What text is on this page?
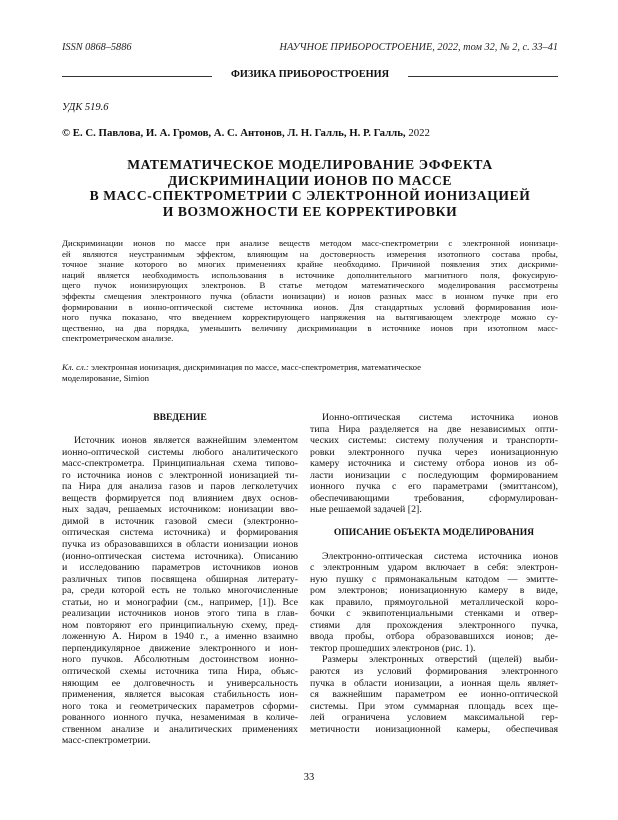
ISSN 0868–5886	НАУЧНОЕ ПРИБОРОСТРОЕНИЕ, 2022, том 32, № 2, с. 33–41
ФИЗИКА ПРИБОРОСТРОЕНИЯ
УДК 519.6
© Е. С. Павлова, И. А. Громов, А. С. Антонов, Л. Н. Галль, Н. Р. Галль, 2022
МАТЕМАТИЧЕСКОЕ МОДЕЛИРОВАНИЕ ЭФФЕКТА
ДИСКРИМИНАЦИИ ИОНОВ ПО МАССЕ
В МАСС-СПЕКТРОМЕТРИИ С ЭЛЕКТРОННОЙ ИОНИЗАЦИЕЙ
И ВОЗМОЖНОСТИ ЕЕ КОРРЕКТИРОВКИ
Дискриминации ионов по массе при анализе веществ методом масс-спектрометрии с электронной ионизаци-
ей являются неустранимым эффектом, влияющим на достоверность измерения изотопного состава пробы,
точное знание которого во многих применениях крайне необходимо. Причиной появления этих дискрими-
наций является необходимость использования в источнике дополнительного магнитного поля, фокусирую-
щего пучок ионизирующих электронов. В статье методом математического моделирования рассмотрены
эффекты смещения электронного пучка (области ионизации) и ионов разных масс в ионном пучке при его
формировании в ионно-оптической системе источника ионов. Для стандартных условий формирования ион-
ного пучка показано, что введением корректирующего напряжения на вытягивающем электроде можно су-
щественно, на два порядка, уменьшить величину дискриминации в источнике ионов при изотопном масс-
спектрометрическом анализе.
Кл. сл.: электронная ионизация, дискриминация по массе, масс-спектрометрия, математическое
моделирование, Simion
ВВЕДЕНИЕ
Источник ионов является важнейшим элементом
ионно-оптической системы любого аналитического
масс-спектрометра. Принципиальная схема типово-
го источника ионов с электронной ионизацией ти-
па Нира для анализа газов и паров легколетучих
веществ формируется под влиянием двух основ-
ных задач, решаемых источником: ионизации вво-
димой в источник газовой смеси (электронно-
оптическая система источника) и формирования
пучка из образовавшихся в области ионизации ионов
(ионно-оптическая система источника). Описанию
и исследованию параметров источников ионов
различных типов посвящена обширная литерату-
ра, среди которой есть не только многочисленные
статьи, но и монографии (см., например, [1]). Все
реализации источников ионов этого типа в глав-
ном повторяют его принципиальную схему, пред-
ложенную А. Ниром в 1940 г., а именно взаимно
перпендикулярное движение электронного и ион-
ного пучков. Абсолютным достоинством ионно-
оптической схемы источника типа Нира, объяс-
няющим ее долговечность и универсальность
применения, является высокая стабильность ион-
ного тока и геометрических параметров сформи-
рованного ионного пучка, незаменимая в количе-
ственном анализе и аналитических применениях
масс-спектрометрии.
Ионно-оптическая система источника ионов
типа Нира разделяется на две независимых опти-
ческих системы: систему получения и транспорти-
ровки электронного пучка через ионизационную
камеру источника и систему отбора ионов из об-
ласти ионизации с последующим формированием
ионного пучка с его параметрами (эмиттансом),
обеспечивающими требования, сформулирован-
ные решаемой задачей [2].
ОПИСАНИЕ ОБЪЕКТА МОДЕЛИРОВАНИЯ
Электронно-оптическая система источника ионов
с электронным ударом включает в себя: электрон-
ную пушку с прямонакальным катодом — эмитте-
ром электронов; ионизационную камеру в виде,
как правило, прямоугольной металлической коро-
бочки с эквипотенциальными стенками и отвер-
стиями для прохождения электронного пучка,
ввода пробы, отбора образовавшихся ионов; де-
тектор прошедших электронов (рис. 1).
Размеры электронных отверстий (щелей) выби-
раются из условий формирования электронного
пучка в области ионизации, а ионная щель являет-
ся важнейшим параметром ее ионно-оптической
системы. При этом суммарная площадь всех ще-
лей ограничена условием максимальной гер-
метичности ионизационной камеры, обеспечивая
33
